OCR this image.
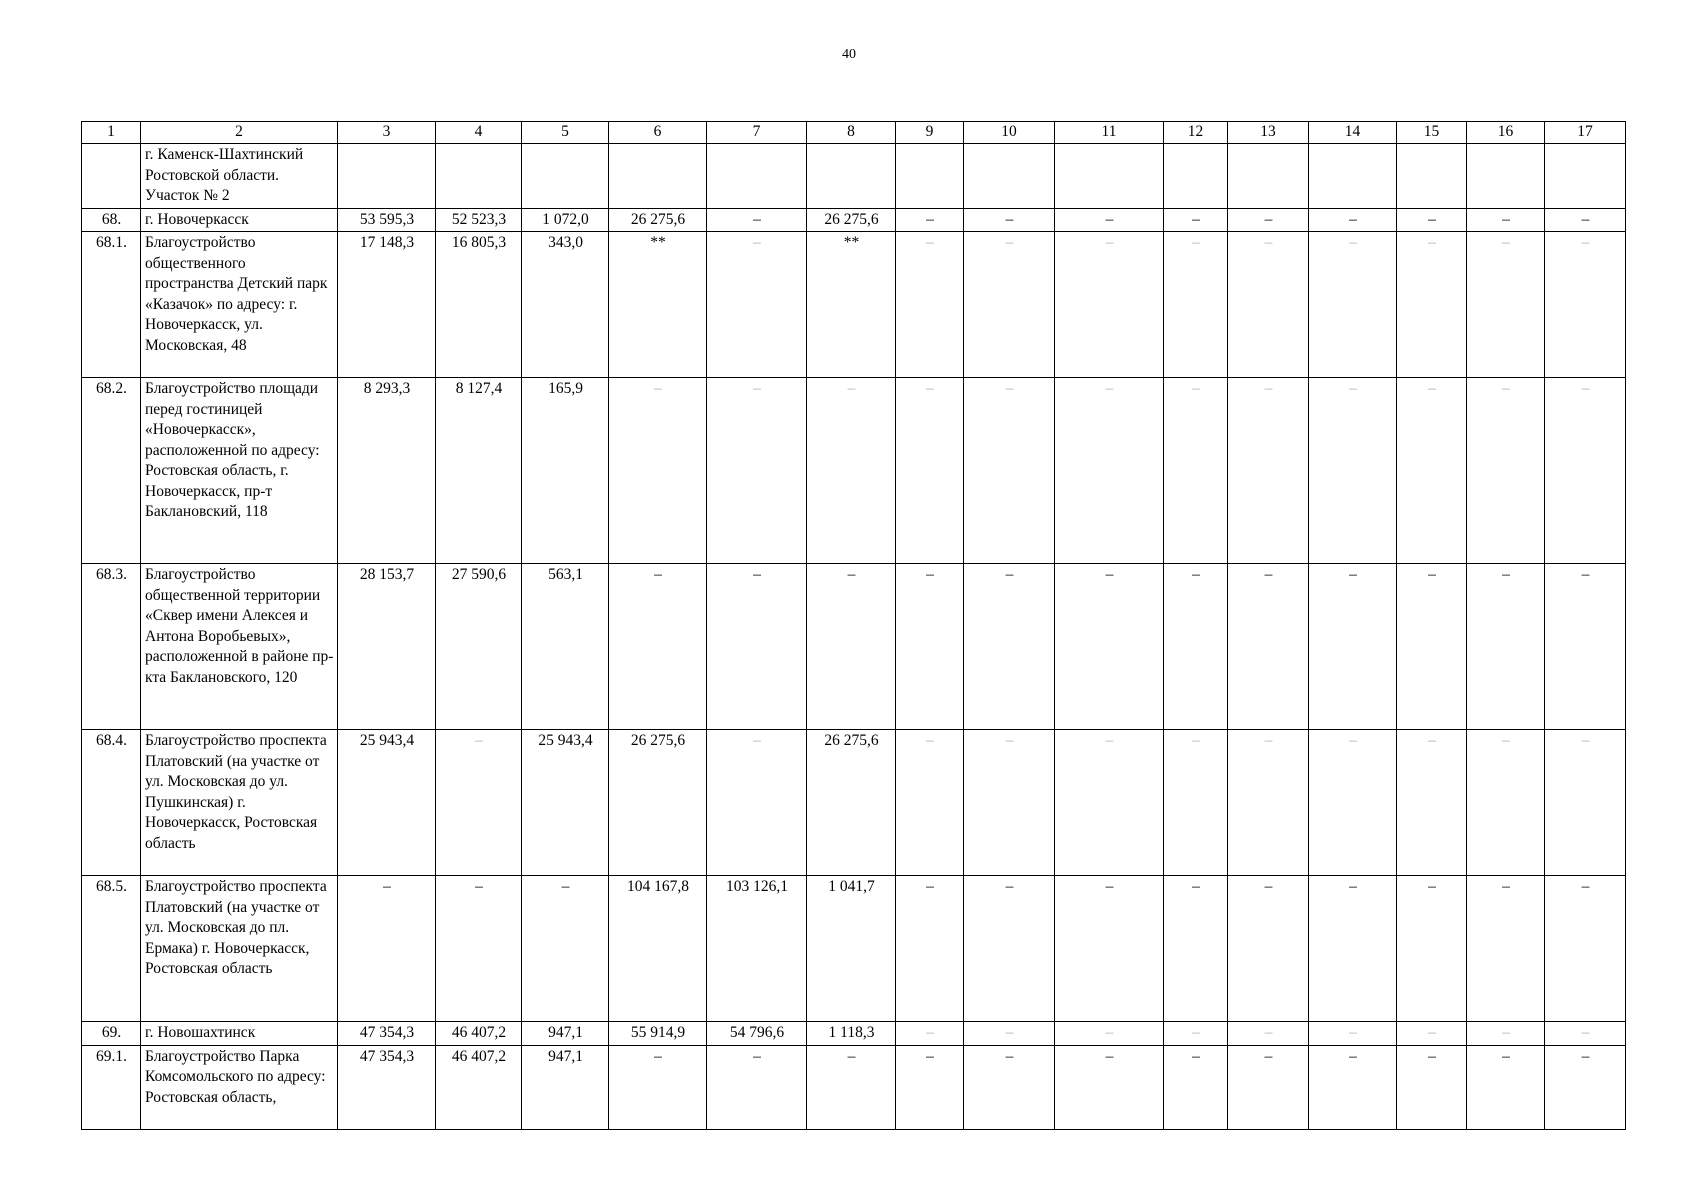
40
1	2	3	4	5	6	7	8	9	10	11	12	13	14	15	16	17
	г. Каменск-Шахтинский Ростовской области. Участок № 2															
68.	г. Новочеркасск	53 595,3	52 523,3	1 072,0	26 275,6	–	26 275,6	–	–	–	–	–	–	–	–	–
68.1.	Благоустройство общественного пространства Детский парк «Казачок» по адресу: г. Новочеркасск, ул. Московская, 48	17 148,3	16 805,3	343,0	**	–	**	–	–	–	–	–	–	–	–	–
68.2.	Благоустройство площади перед гостиницей «Новочеркасск», расположенной по адресу: Ростовская область, г. Новочеркасск, пр-т Баклановский, 118	8 293,3	8 127,4	165,9	–	–	–	–	–	–	–	–	–	–	–	–
68.3.	Благоустройство общественной территории «Сквер имени Алексея и Антона Воробьевых», расположенной в районе пр-кта Баклановского, 120	28 153,7	27 590,6	563,1	–	–	–	–	–	–	–	–	–	–	–	–
68.4.	Благоустройство проспекта Платовский (на участке от ул. Московская до ул. Пушкинская) г. Новочеркасск, Ростовская область	25 943,4	–	25 943,4	26 275,6	–	26 275,6	–	–	–	–	–	–	–	–	–
68.5.	Благоустройство проспекта Платовский (на участке от ул. Московская до пл. Ермака) г. Новочеркасск, Ростовская область	–	–	–	104 167,8	103 126,1	1 041,7	–	–	–	–	–	–	–	–	–
69.	г. Новошахтинск	47 354,3	46 407,2	947,1	55 914,9	54 796,6	1 118,3	–	–	–	–	–	–	–	–	–
69.1.	Благоустройство Парка Комсомольского по адресу: Ростовская область,	47 354,3	46 407,2	947,1	–	–	–	–	–	–	–	–	–	–	–	–
